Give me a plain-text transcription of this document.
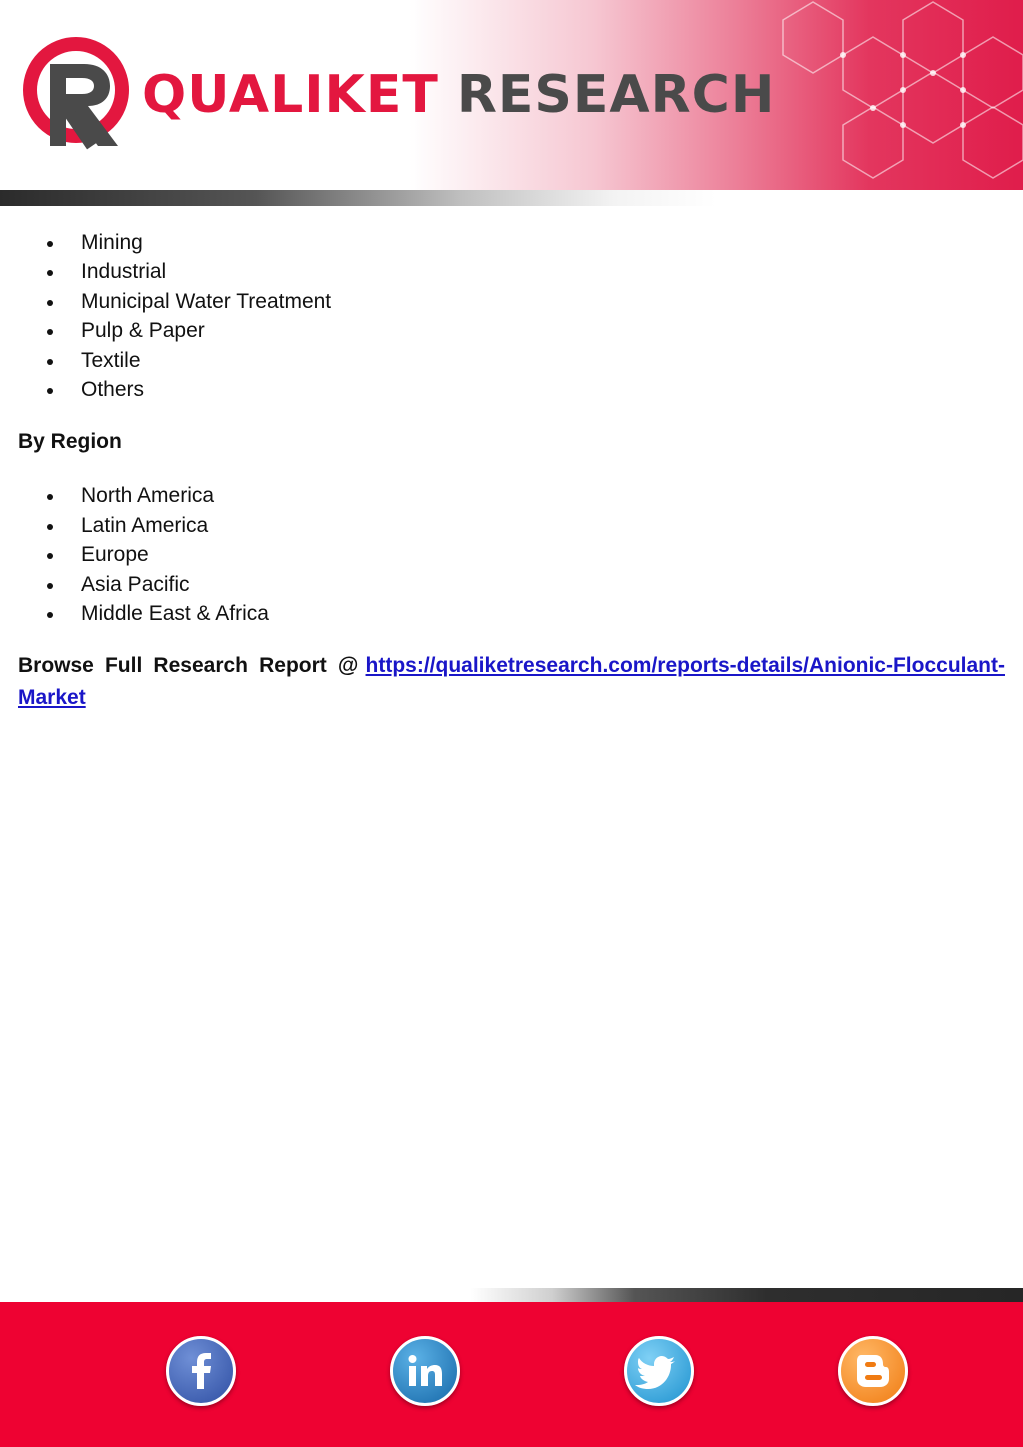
QUALIKET RESEARCH
Mining
Industrial
Municipal Water Treatment
Pulp & Paper
Textile
Others
By Region
North America
Latin America
Europe
Asia Pacific
Middle East & Africa
Browse Full Research Report @ https://qualiketresearch.com/reports-details/Anionic-Flocculant-Market
